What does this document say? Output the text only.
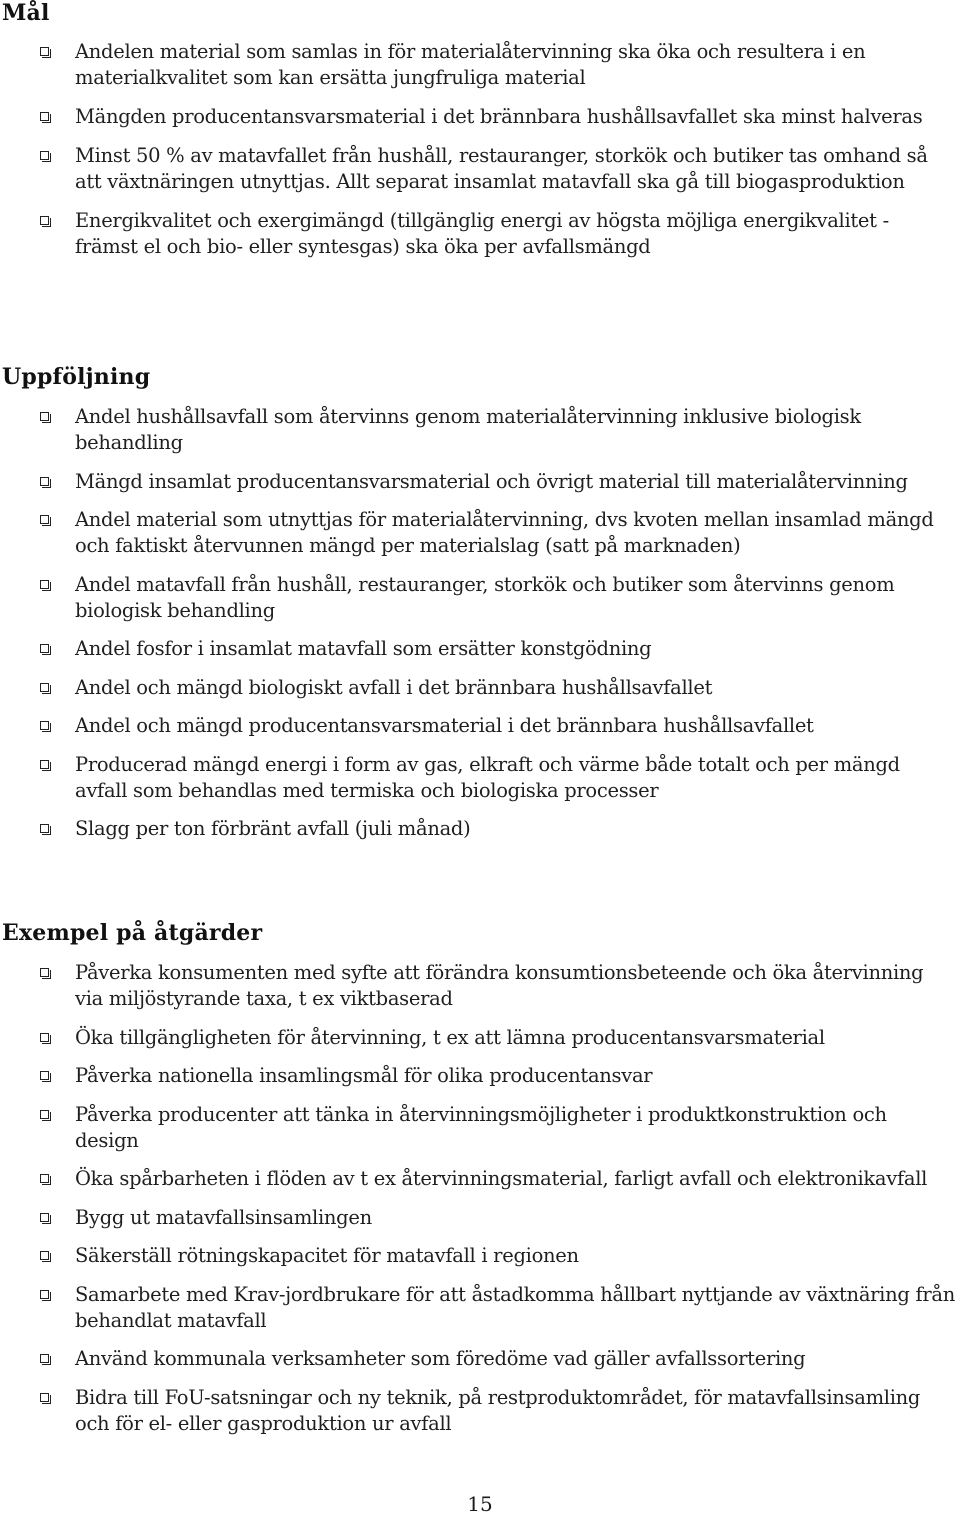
Mål
Andelen material som samlas in för materialåtervinning ska öka och resultera i en materialkvalitet som kan ersätta jungfruliga material
Mängden producentansvarsmaterial i det brännbara hushållsavfallet ska minst halveras
Minst 50 % av matavfallet från hushåll, restauranger, storkök och butiker tas omhand så att växtnäringen utnyttjas. Allt separat insamlat matavfall ska gå till biogasproduktion
Energikvalitet och exergimängd (tillgänglig energi av högsta möjliga energikvalitet - främst el och bio- eller syntesgas) ska öka per avfallsmängd
Uppföljning
Andel hushållsavfall som återvinns genom materialåtervinning inklusive biologisk behandling
Mängd insamlat producentansvarsmaterial och övrigt material till materialåtervinning
Andel material som utnyttjas för materialåtervinning, dvs kvoten mellan insamlad mängd och faktiskt återvunnen mängd per materialslag (satt på marknaden)
Andel matavfall från hushåll, restauranger, storkök och butiker som återvinns genom biologisk behandling
Andel fosfor i insamlat matavfall som ersätter konstgödning
Andel och mängd biologiskt avfall i det brännbara hushållsavfallet
Andel och mängd producentansvarsmaterial i det brännbara hushållsavfallet
Producerad mängd energi i form av gas, elkraft och värme både totalt och per mängd avfall som behandlas med termiska och biologiska processer
Slagg per ton förbränt avfall (juli månad)
Exempel på åtgärder
Påverka konsumenten med syfte att förändra konsumtionsbeteende och öka återvinning via miljöstyrande taxa, t ex viktbaserad
Öka tillgängligheten för återvinning, t ex att lämna producentansvarsmaterial
Påverka nationella insamlingsmål för olika producentansvar
Påverka producenter att tänka in återvinningsmöjligheter i produktkonstruktion och design
Öka spårbarheten i flöden av t ex återvinningsmaterial, farligt avfall och elektronikavfall
Bygg ut matavfallsinsamlingen
Säkerställ rötningskapacitet för matavfall i regionen
Samarbete med Krav-jordbrukare för att åstadkomma hållbart nyttjande av växtnäring från behandlat matavfall
Använd kommunala verksamheter som föredöme vad gäller avfallssortering
Bidra till FoU-satsningar och ny teknik, på restproduktområdet, för matavfallsinsamling och för el- eller gasproduktion ur avfall
15
